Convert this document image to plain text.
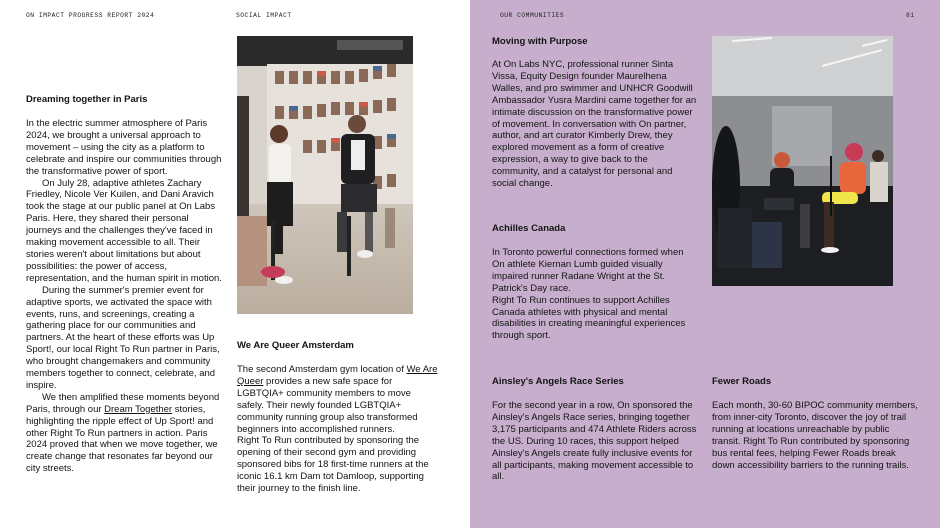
ON IMPACT PROGRESS REPORT 2024	SOCIAL IMPACT
Dreaming together in Paris

In the electric summer atmosphere of Paris 2024, we brought a universal approach to movement – using the city as a platform to celebrate and inspire our communities through the transformative power of sport.

On July 28, adaptive athletes Zachary Friedley, Nicole Ver Kuilen, and Dani Aravich took the stage at our public panel at On Labs Paris. Here, they shared their personal journeys and the challenges they've faced in making movement accessible to all. Their stories weren't about limitations but about possibilities: the power of access, representation, and the human spirit in motion.

During the summer's premier event for adaptive sports, we activated the space with events, runs, and screenings, creating a gathering place for our communities and partners. At the heart of these efforts was Up Sport!, our local Right To Run partner in Paris, who brought changemakers and community members together to connect, celebrate, and inspire.

We then amplified these moments beyond Paris, through our Dream Together stories, highlighting the ripple effect of Up Sport! and other Right To Run partners in action. Paris 2024 proved that when we move together, we create change that resonates far beyond our city streets.

We Are Queer Amsterdam

The second Amsterdam gym location of We Are Queer provides a new safe space for LGBTQIA+ community members to move safely. Their newly founded LGBTQIA+ community running group also transformed beginners into accomplished runners.

Right To Run contributed by sponsoring the opening of their second gym and providing sponsored bibs for 18 first-time runners at the iconic 16.1 km Dam tot Damloop, supporting their journey to the finish line.

OUR COMMUNITIES	81
Moving with Purpose

At On Labs NYC, professional runner Sinta Vissa, Equity Design founder Maurelhena Walles, and pro swimmer and UNHCR Goodwill Ambassador Yusra Mardini came together for an intimate discussion on the transformative power of movement. In conversation with On partner, author, and art curator Kimberly Drew, they explored movement as a form of creative expression, a way to give back to the community, and a catalyst for personal and social change.

Achilles Canada

In Toronto powerful connections formed when On athlete Kiernan Lumb guided visually impaired runner Radane Wright at the St. Patrick's Day race.

Right To Run continues to support Achilles Canada athletes with physical and mental disabilities in creating meaningful experiences through sport.

Ainsley's Angels Race Series

For the second year in a row, On sponsored the Ainsley's Angels Race series, bringing together 3,175 participants and 474 Athlete Riders across the US. During 10 races, this support helped Ainsley's Angels create fully inclusive events for all participants, making movement accessible to all.

Fewer Roads

Each month, 30-60 BIPOC community members, from inner-city Toronto, discover the joy of trail running at locations unreachable by public transit. Right To Run contributed by sponsoring bus rental fees, helping Fewer Roads break down accessibility barriers to the running trails.
